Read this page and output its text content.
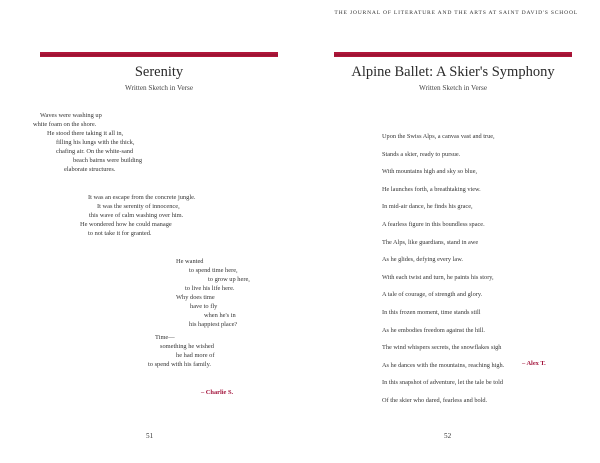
THE JOURNAL OF LITERATURE AND THE ARTS AT SAINT DAVID'S SCHOOL
Serenity
Written Sketch in Verse
Waves were washing up
white foam on the shore.
He stood there taking it all in,
filling his lungs with the thick,
chafing air. On the white-sand
beach bairns were building
elaborate structures.
It was an escape from the concrete jungle.
It was the serenity of innocence,
this wave of calm washing over him.
He wondered how he could manage
to not take it for granted.
He wanted
to spend time here,
to grow up here,
to live his life here.
Why does time
have to fly
when he's in
his happiest place?
Time—
something he wished
he had more of
to spend with his family.
– Charlie S.
51
Alpine Ballet: A Skier's Symphony
Written Sketch in Verse
Upon the Swiss Alps, a canvas vast and true,
Stands a skier, ready to pursue.
With mountains high and sky so blue,
He launches forth, a breathtaking view.
In mid-air dance, he finds his grace,
A fearless figure in this boundless space.
The Alps, like guardians, stand in awe
As he glides, defying every law.
With each twist and turn, he paints his story,
A tale of courage, of strength and glory.
In this frozen moment, time stands still
As he embodies freedom against the hill.
The wind whispers secrets, the snowflakes sigh
As he dances with the mountains, reaching high.
In this snapshot of adventure, let the tale be told
Of the skier who dared, fearless and bold.
– Alex T.
52
